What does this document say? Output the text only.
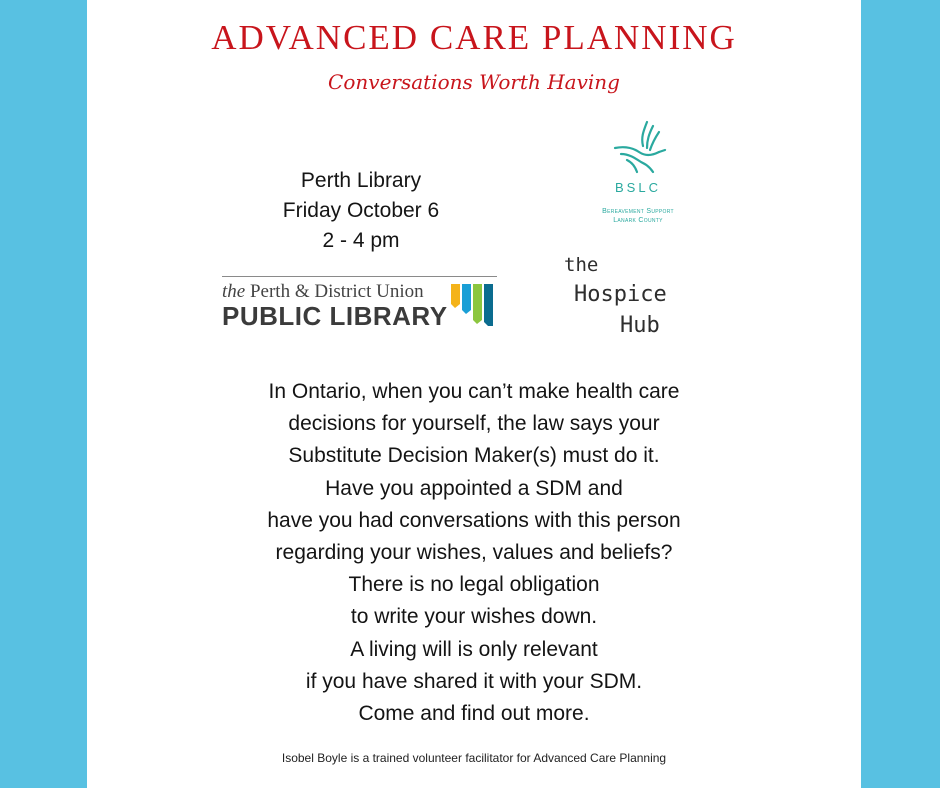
ADVANCED CARE PLANNING
Conversations Worth Having
Perth Library
Friday October 6
2 - 4 pm
the Perth & District Union
PUBLIC LIBRARY
BSLC
Bereavement Support
Lanark County
the
Hospice
Hub
In Ontario, when you can’t make health care
decisions for yourself, the law says your
Substitute Decision Maker(s) must do it.
Have you appointed a SDM and
have you had conversations with this person
regarding your wishes, values and beliefs?
There is no legal obligation
to write your wishes down.
A living will is only relevant
if you have shared it with your SDM.
Come and find out more.
Isobel Boyle is a trained volunteer facilitator for Advanced Care Planning
